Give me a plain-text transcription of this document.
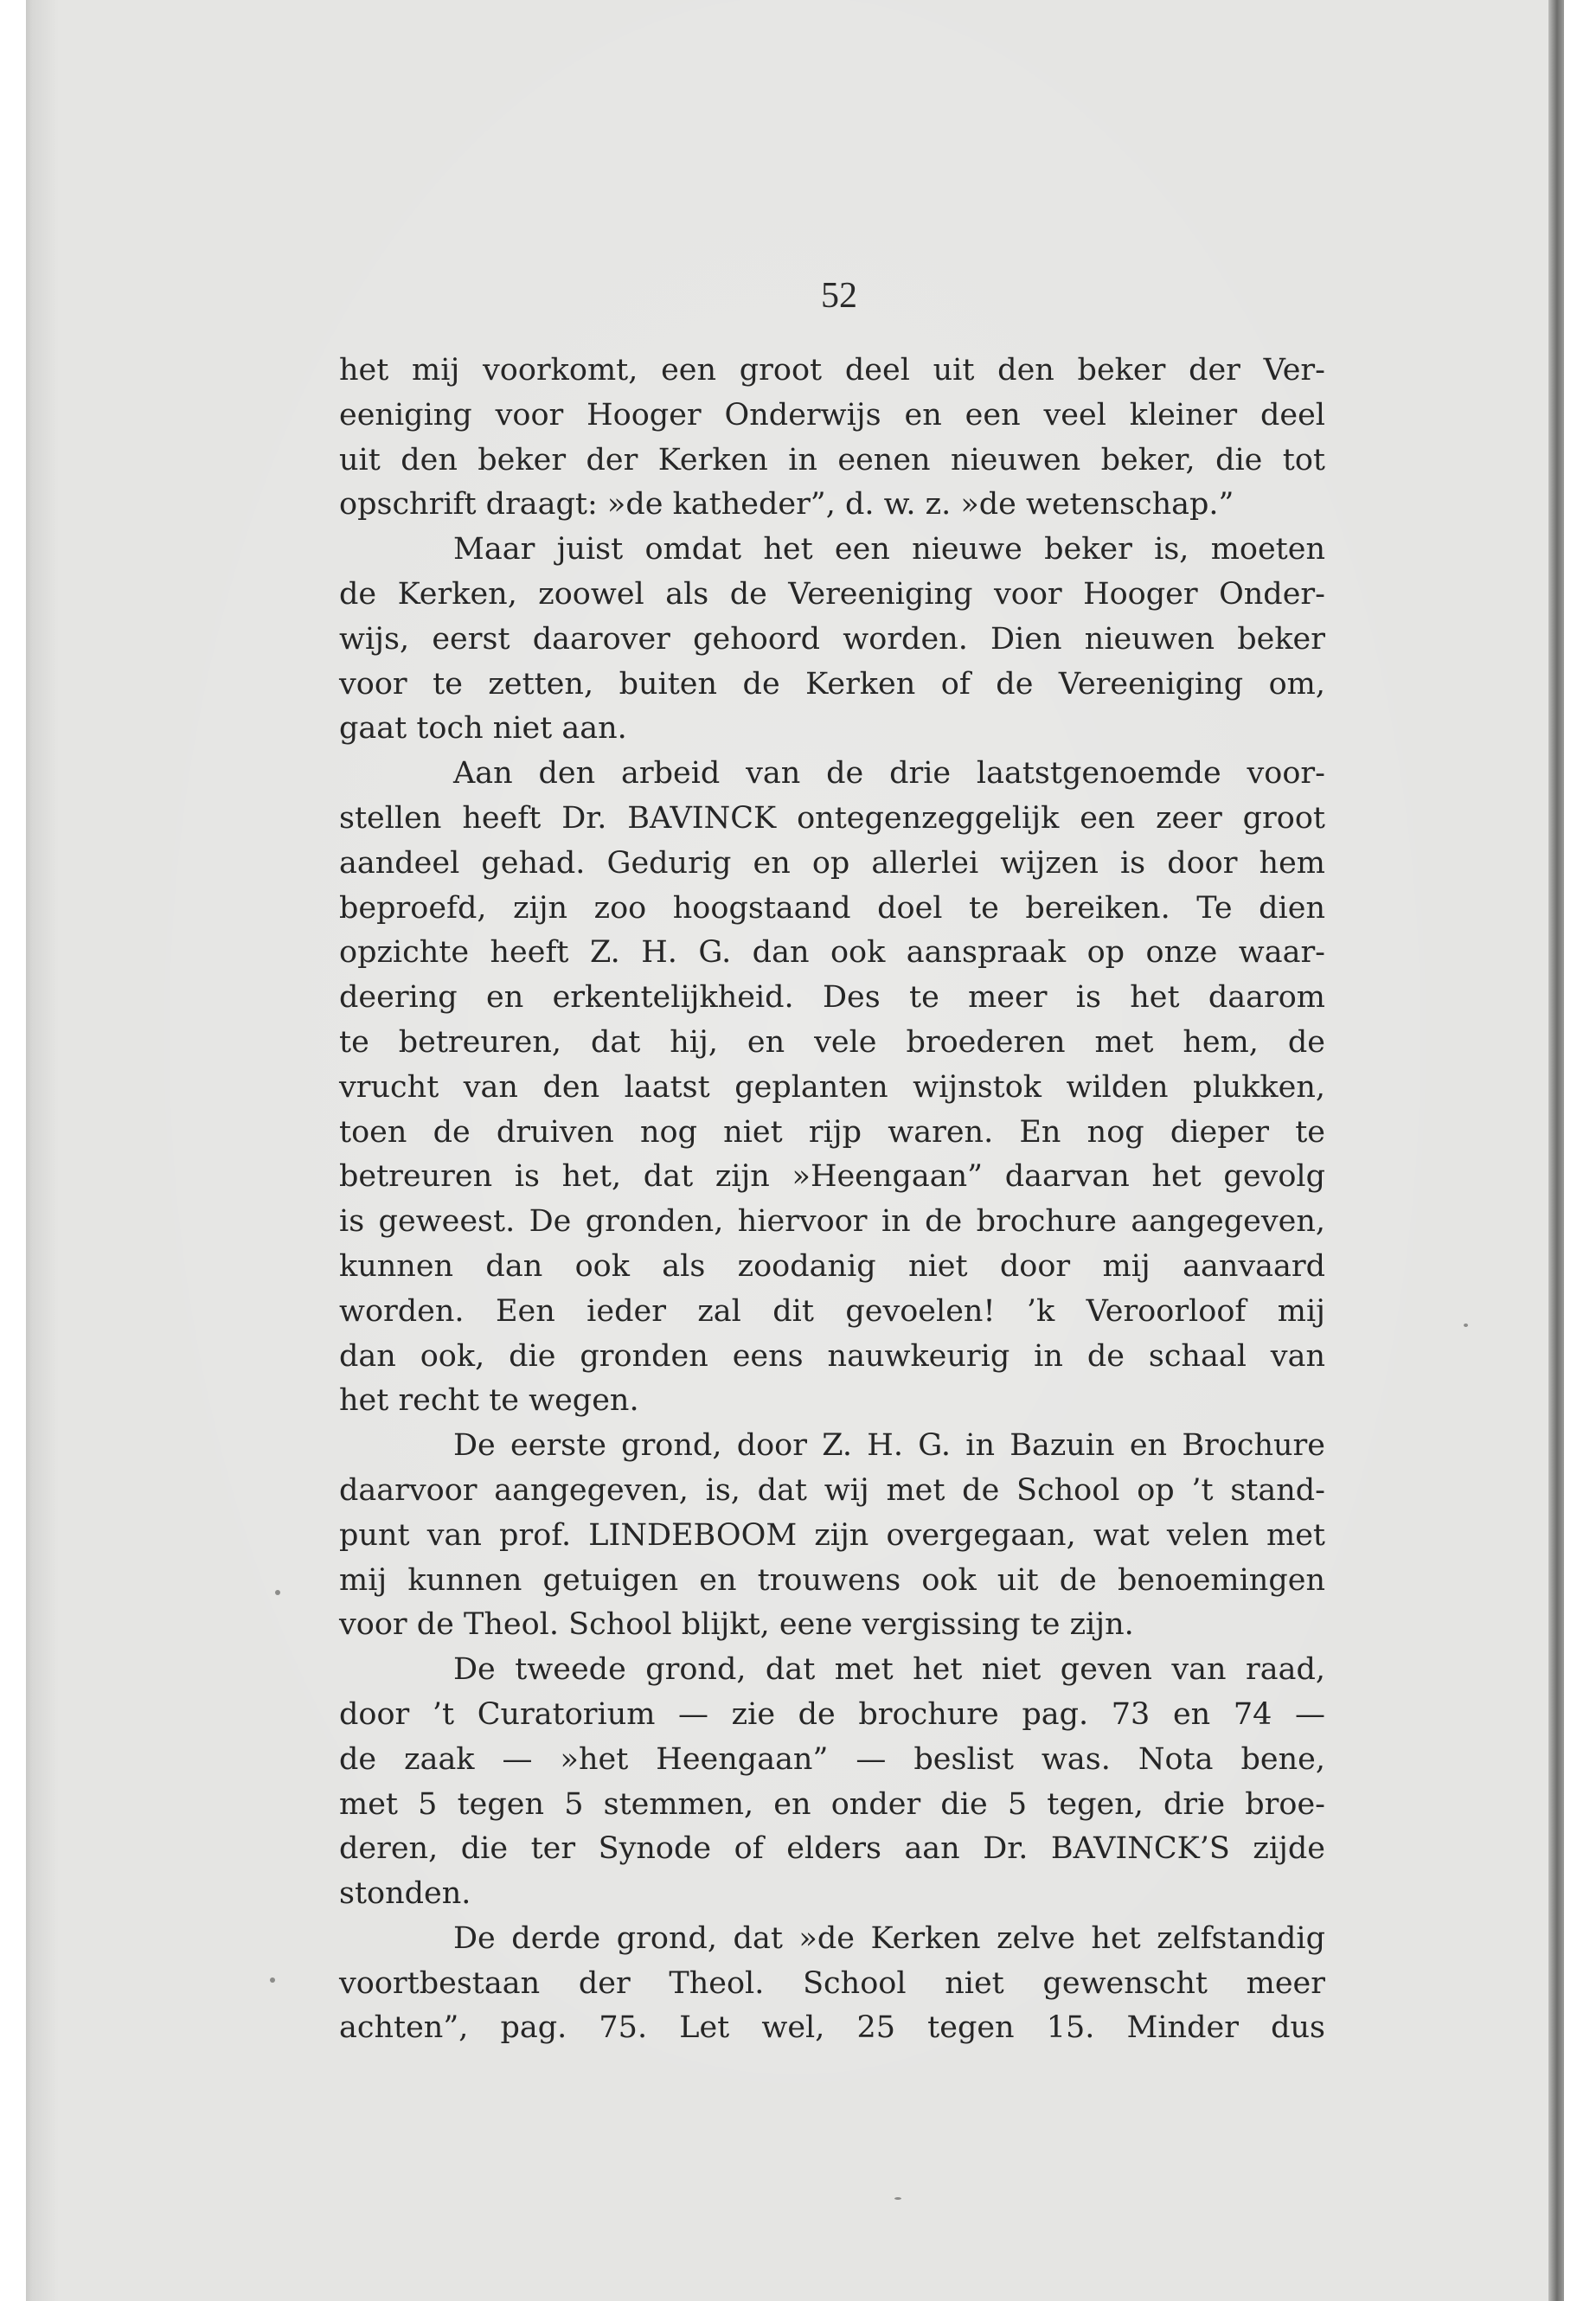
52
het mij voorkomt, een groot deel uit den beker der Ver-
eeniging voor Hooger Onderwijs en een veel kleiner deel
uit den beker der Kerken in eenen nieuwen beker, die tot
opschrift draagt: »de katheder”, d. w. z. »de wetenschap.”
Maar juist omdat het een nieuwe beker is, moeten
de Kerken, zoowel als de Vereeniging voor Hooger Onder-
wijs, eerst daarover gehoord worden. Dien nieuwen beker
voor te zetten, buiten de Kerken of de Vereeniging om,
gaat toch niet aan.
Aan den arbeid van de drie laatstgenoemde voor-
stellen heeft Dr. BAVINCK ontegenzeggelijk een zeer groot
aandeel gehad. Gedurig en op allerlei wijzen is door hem
beproefd, zijn zoo hoogstaand doel te bereiken. Te dien
opzichte heeft Z. H. G. dan ook aanspraak op onze waar-
deering en erkentelijkheid. Des te meer is het daarom
te betreuren, dat hij, en vele broederen met hem, de
vrucht van den laatst geplanten wijnstok wilden plukken,
toen de druiven nog niet rijp waren. En nog dieper te
betreuren is het, dat zijn »Heengaan” daarvan het gevolg
is geweest. De gronden, hiervoor in de brochure aangegeven,
kunnen dan ook als zoodanig niet door mij aanvaard
worden. Een ieder zal dit gevoelen! ’k Veroorloof mij
dan ook, die gronden eens nauwkeurig in de schaal van
het recht te wegen.
De eerste grond, door Z. H. G. in Bazuin en Brochure
daarvoor aangegeven, is, dat wij met de School op ’t stand-
punt van prof. LINDEBOOM zijn overgegaan, wat velen met
mij kunnen getuigen en trouwens ook uit de benoemingen
voor de Theol. School blijkt, eene vergissing te zijn.
De tweede grond, dat met het niet geven van raad,
door ’t Curatorium — zie de brochure pag. 73 en 74 —
de zaak — »het Heengaan” — beslist was. Nota bene,
met 5 tegen 5 stemmen, en onder die 5 tegen, drie broe-
deren, die ter Synode of elders aan Dr. BAVINCK’S zijde
stonden.
De derde grond, dat »de Kerken zelve het zelfstandig
voortbestaan der Theol. School niet gewenscht meer
achten”, pag. 75. Let wel, 25 tegen 15. Minder dus
